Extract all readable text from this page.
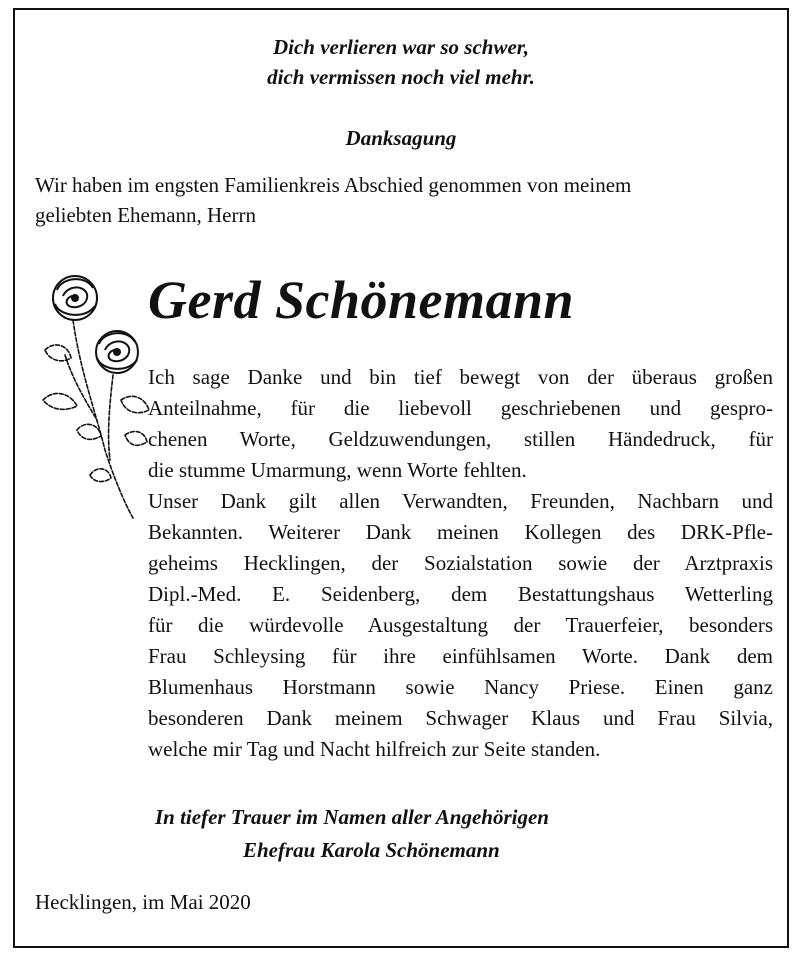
Dich verlieren war so schwer,
dich vermissen noch viel mehr.
Danksagung
Wir haben im engsten Familienkreis Abschied genommen von meinem
geliebten Ehemann, Herrn
Gerd Schönemann
Ich sage Danke und bin tief bewegt von der überaus großen
Anteilnahme, für die liebevoll geschriebenen und gespro-
chenen Worte, Geldzuwendungen, stillen Händedruck, für
die stumme Umarmung, wenn Worte fehlten.
Unser Dank gilt allen Verwandten, Freunden, Nachbarn und
Bekannten. Weiterer Dank meinen Kollegen des DRK-Pfle-
geheims Hecklingen, der Sozialstation sowie der Arztpraxis
Dipl.-Med. E. Seidenberg, dem Bestattungshaus Wetterling
für die würdevolle Ausgestaltung der Trauerfeier, besonders
Frau Schleysing für ihre einfühlsamen Worte. Dank dem
Blumenhaus Horstmann sowie Nancy Priese. Einen ganz
besonderen Dank meinem Schwager Klaus und Frau Silvia,
welche mir Tag und Nacht hilfreich zur Seite standen.
In tiefer Trauer im Namen aller Angehörigen
Ehefrau Karola Schönemann
Hecklingen, im Mai 2020
